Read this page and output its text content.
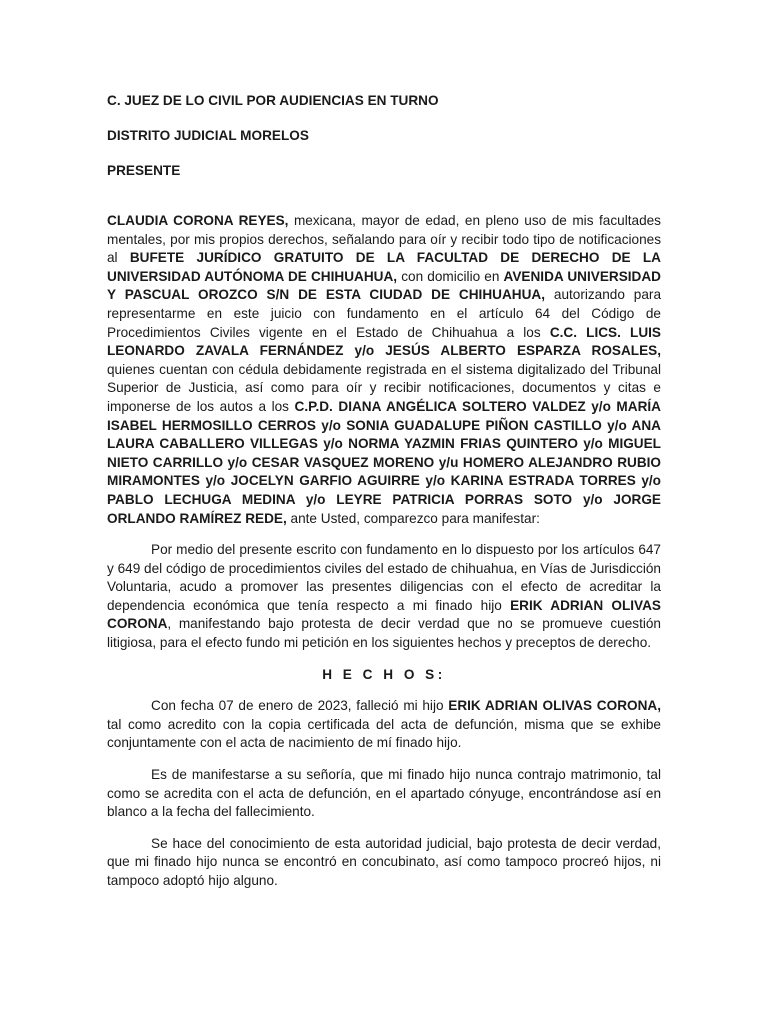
C. JUEZ DE LO CIVIL POR AUDIENCIAS EN TURNO
DISTRITO JUDICIAL MORELOS
PRESENTE

CLAUDIA CORONA REYES, mexicana, mayor de edad, en pleno uso de mis facultades mentales, por mis propios derechos, señalando para oír y recibir todo tipo de notificaciones al BUFETE JURÍDICO GRATUITO DE LA FACULTAD DE DERECHO DE LA UNIVERSIDAD AUTÓNOMA DE CHIHUAHUA, con domicilio en AVENIDA UNIVERSIDAD Y PASCUAL OROZCO S/N DE ESTA CIUDAD DE CHIHUAHUA, autorizando para representarme en este juicio con fundamento en el artículo 64 del Código de Procedimientos Civiles vigente en el Estado de Chihuahua a los C.C. LICS. LUIS LEONARDO ZAVALA FERNÁNDEZ y/o JESÚS ALBERTO ESPARZA ROSALES, quienes cuentan con cédula debidamente registrada en el sistema digitalizado del Tribunal Superior de Justicia, así como para oír y recibir notificaciones, documentos y citas e imponerse de los autos a los C.P.D. DIANA ANGÉLICA SOLTERO VALDEZ y/o MARÍA ISABEL HERMOSILLO CERROS y/o SONIA GUADALUPE PIÑON CASTILLO y/o ANA LAURA CABALLERO VILLEGAS y/o NORMA YAZMIN FRIAS QUINTERO y/o MIGUEL NIETO CARRILLO y/o CESAR VASQUEZ MORENO y/u HOMERO ALEJANDRO RUBIO MIRAMONTES y/o JOCELYN GARFIO AGUIRRE y/o KARINA ESTRADA TORRES y/o PABLO LECHUGA MEDINA y/o LEYRE PATRICIA PORRAS SOTO y/o JORGE ORLANDO RAMÍREZ REDE, ante Usted, comparezco para manifestar:

Por medio del presente escrito con fundamento en lo dispuesto por los artículos 647 y 649 del código de procedimientos civiles del estado de chihuahua, en Vías de Jurisdicción Voluntaria, acudo a promover las presentes diligencias con el efecto de acreditar la dependencia económica que tenía respecto a mi finado hijo ERIK ADRIAN OLIVAS CORONA, manifestando bajo protesta de decir verdad que no se promueve cuestión litigiosa, para el efecto fundo mi petición en los siguientes hechos y preceptos de derecho.

H E C H O S:

Con fecha 07 de enero de 2023, falleció mi hijo ERIK ADRIAN OLIVAS CORONA, tal como acredito con la copia certificada del acta de defunción, misma que se exhibe conjuntamente con el acta de nacimiento de mí finado hijo.

Es de manifestarse a su señoría, que mi finado hijo nunca contrajo matrimonio, tal como se acredita con el acta de defunción, en el apartado cónyuge, encontrándose así en blanco a la fecha del fallecimiento.

Se hace del conocimiento de esta autoridad judicial, bajo protesta de decir verdad, que mi finado hijo nunca se encontró en concubinato, así como tampoco procreó hijos, ni tampoco adoptó hijo alguno.
